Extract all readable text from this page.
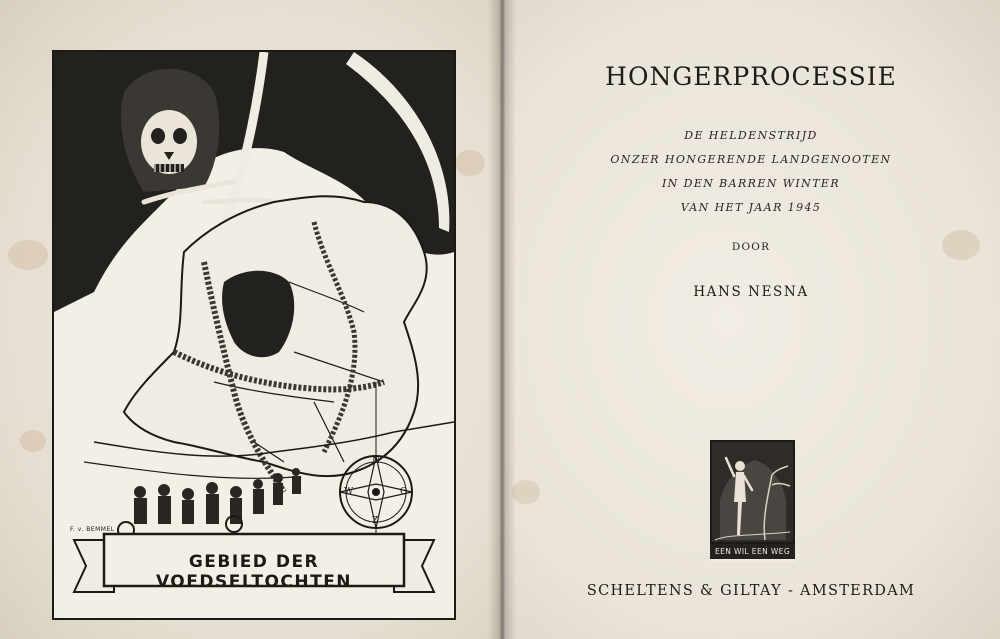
F. v. BEMMEL
N
O
Z
W
GEBIED DER VOEDSELTOCHTEN
HONGERPROCESSIE
DE HELDENSTRIJD
ONZER HONGERENDE LANDGENOOTEN
IN DEN BARREN WINTER
VAN HET JAAR 1945
DOOR
HANS NESNA
EEN WIL EEN WEG
SCHELTENS & GILTAY - AMSTERDAM
